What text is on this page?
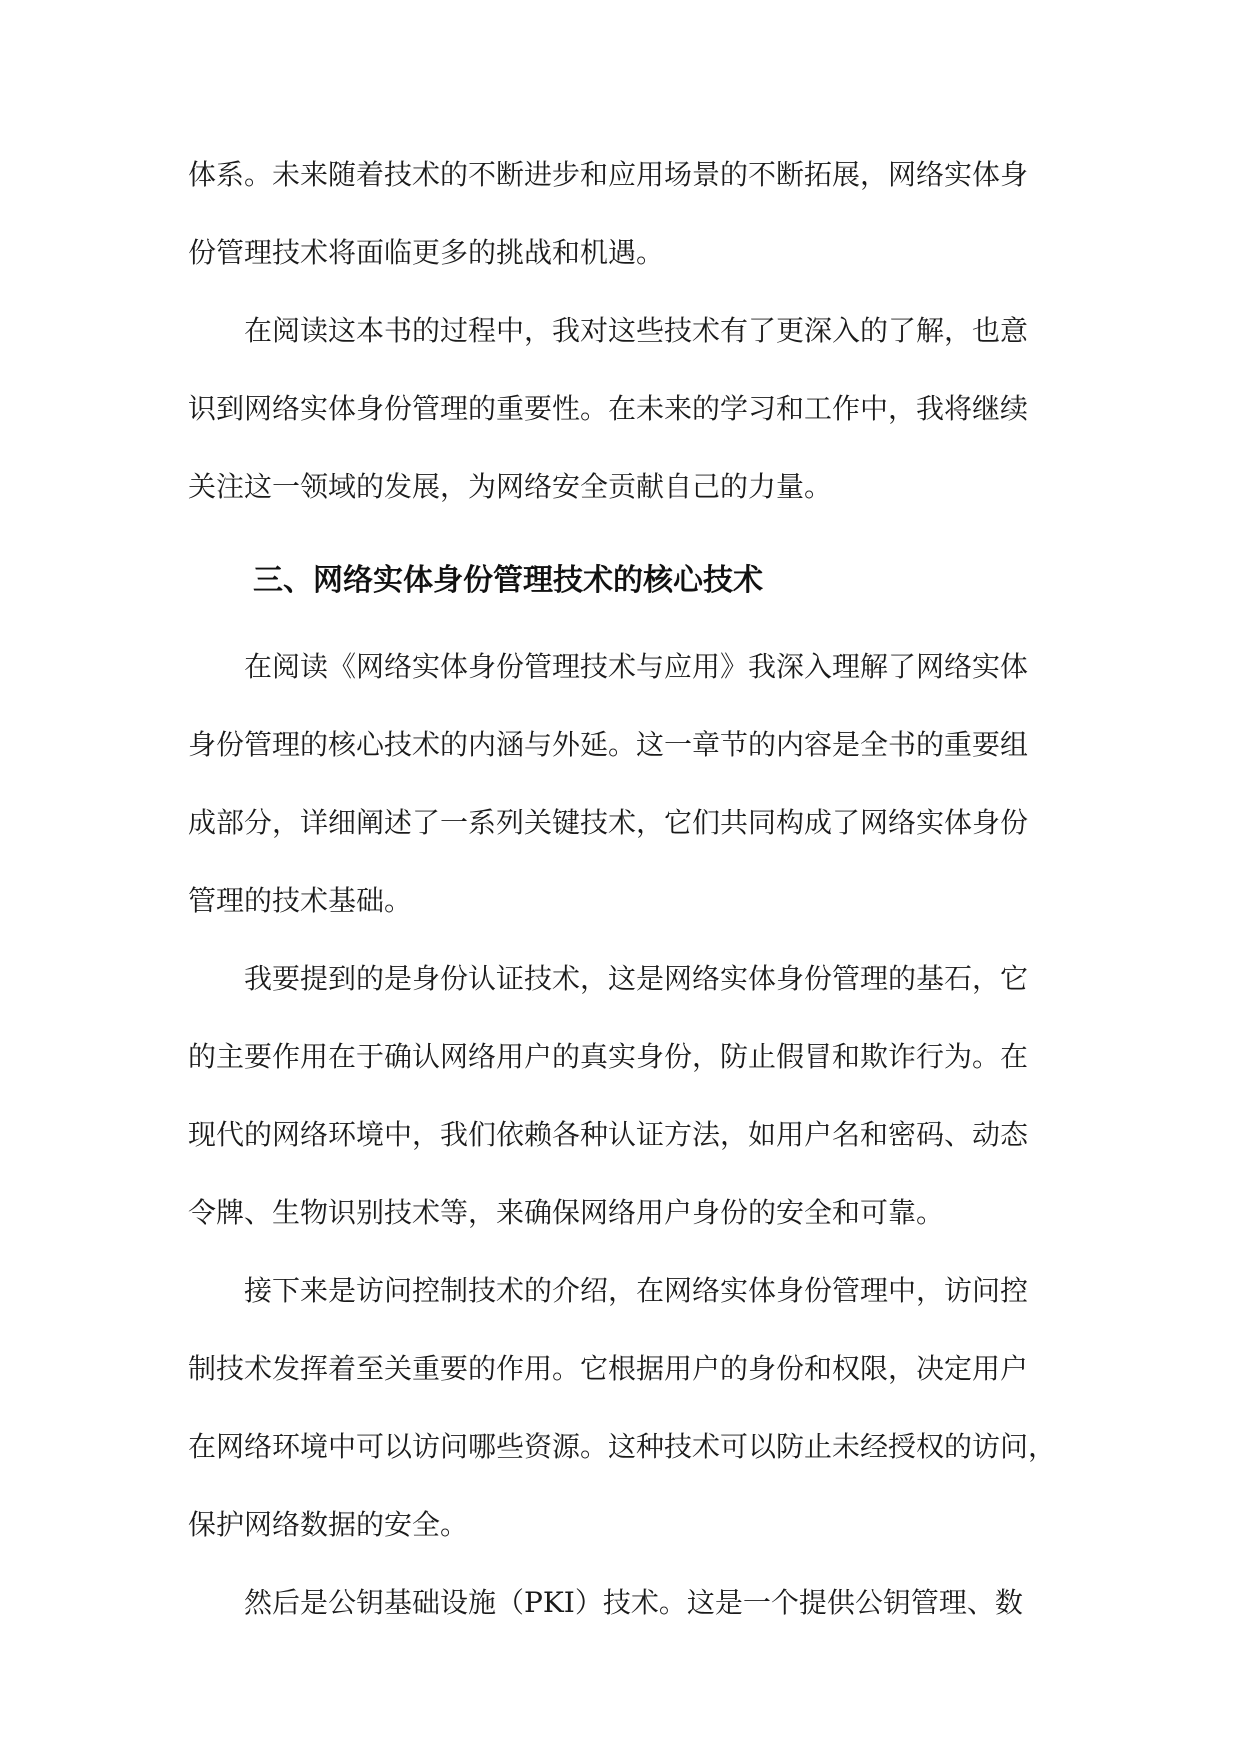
体系。未来随着技术的不断进步和应用场景的不断拓展，网络实体身
份管理技术将面临更多的挑战和机遇。
　　在阅读这本书的过程中，我对这些技术有了更深入的了解，也意
识到网络实体身份管理的重要性。在未来的学习和工作中，我将继续
关注这一领域的发展，为网络安全贡献自己的力量。
三、网络实体身份管理技术的核心技术
　　在阅读《网络实体身份管理技术与应用》我深入理解了网络实体
身份管理的核心技术的内涵与外延。这一章节的内容是全书的重要组
成部分，详细阐述了一系列关键技术，它们共同构成了网络实体身份
管理的技术基础。
　　我要提到的是身份认证技术，这是网络实体身份管理的基石，它
的主要作用在于确认网络用户的真实身份，防止假冒和欺诈行为。在
现代的网络环境中，我们依赖各种认证方法，如用户名和密码、动态
令牌、生物识别技术等，来确保网络用户身份的安全和可靠。
　　接下来是访问控制技术的介绍，在网络实体身份管理中，访问控
制技术发挥着至关重要的作用。它根据用户的身份和权限，决定用户
在网络环境中可以访问哪些资源。这种技术可以防止未经授权的访问，
保护网络数据的安全。
　　然后是公钥基础设施（PKI）技术。这是一个提供公钥管理、数
